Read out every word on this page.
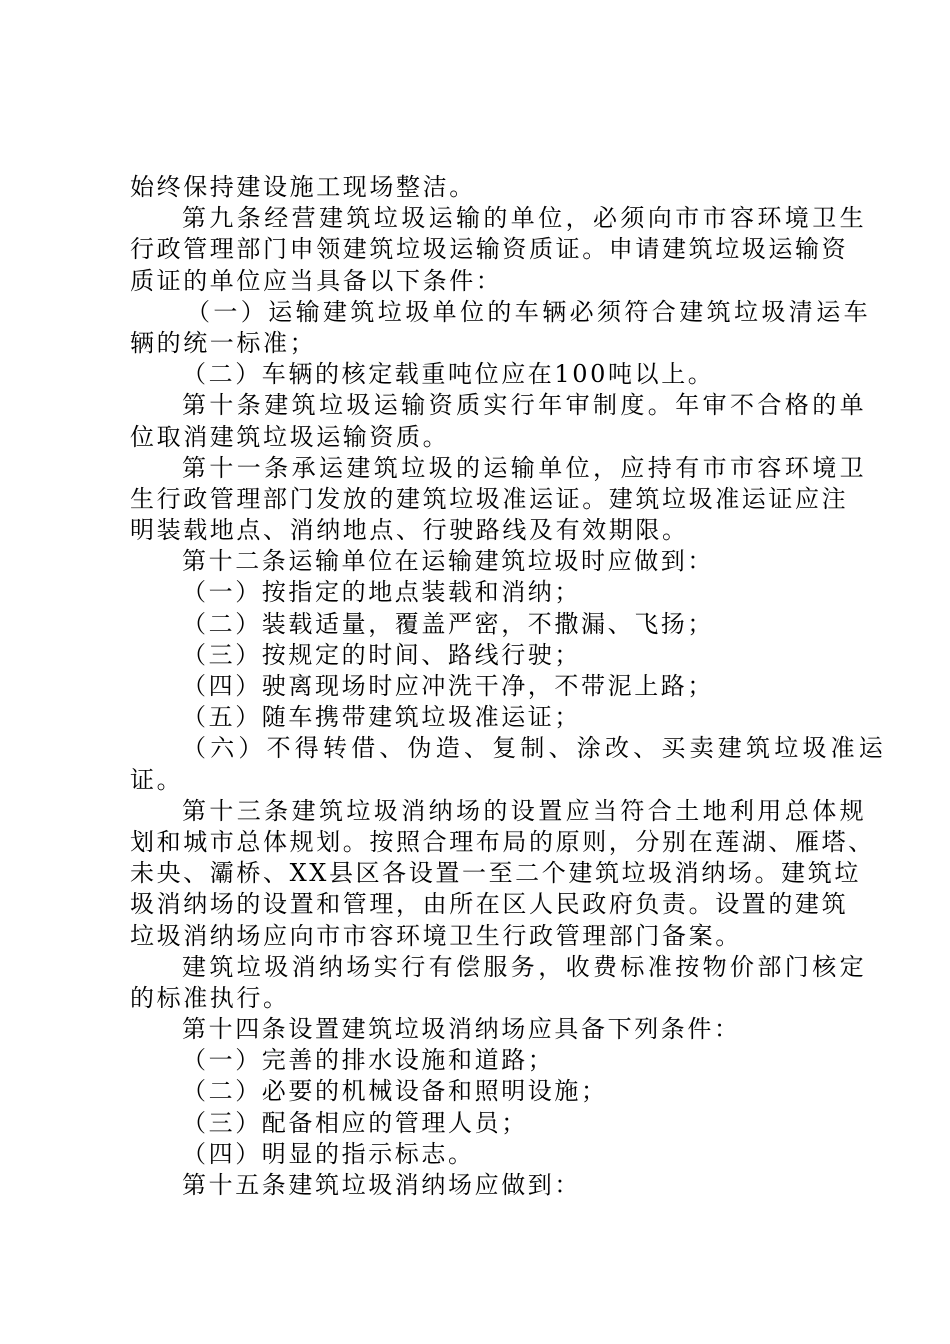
始终保持建设施工现场整洁。
第九条经营建筑垃圾运输的单位，必须向市市容环境卫生
行政管理部门申领建筑垃圾运输资质证。申请建筑垃圾运输资
质证的单位应当具备以下条件：
（一）运输建筑垃圾单位的车辆必须符合建筑垃圾清运车
辆的统一标准；
（二）车辆的核定载重吨位应在100吨以上。
第十条建筑垃圾运输资质实行年审制度。年审不合格的单
位取消建筑垃圾运输资质。
第十一条承运建筑垃圾的运输单位，应持有市市容环境卫
生行政管理部门发放的建筑垃圾准运证。建筑垃圾准运证应注
明装载地点、消纳地点、行驶路线及有效期限。
第十二条运输单位在运输建筑垃圾时应做到：
（一）按指定的地点装载和消纳；
（二）装载适量，覆盖严密，不撒漏、飞扬；
（三）按规定的时间、路线行驶；
（四）驶离现场时应冲洗干净，不带泥上路；
（五）随车携带建筑垃圾准运证；
（六）不得转借、伪造、复制、涂改、买卖建筑垃圾准运
证。
第十三条建筑垃圾消纳场的设置应当符合土地利用总体规
划和城市总体规划。按照合理布局的原则，分别在莲湖、雁塔、
未央、灞桥、XX县区各设置一至二个建筑垃圾消纳场。建筑垃
圾消纳场的设置和管理，由所在区人民政府负责。设置的建筑
垃圾消纳场应向市市容环境卫生行政管理部门备案。
建筑垃圾消纳场实行有偿服务，收费标准按物价部门核定
的标准执行。
第十四条设置建筑垃圾消纳场应具备下列条件：
（一）完善的排水设施和道路；
（二）必要的机械设备和照明设施；
（三）配备相应的管理人员；
（四）明显的指示标志。
第十五条建筑垃圾消纳场应做到：
